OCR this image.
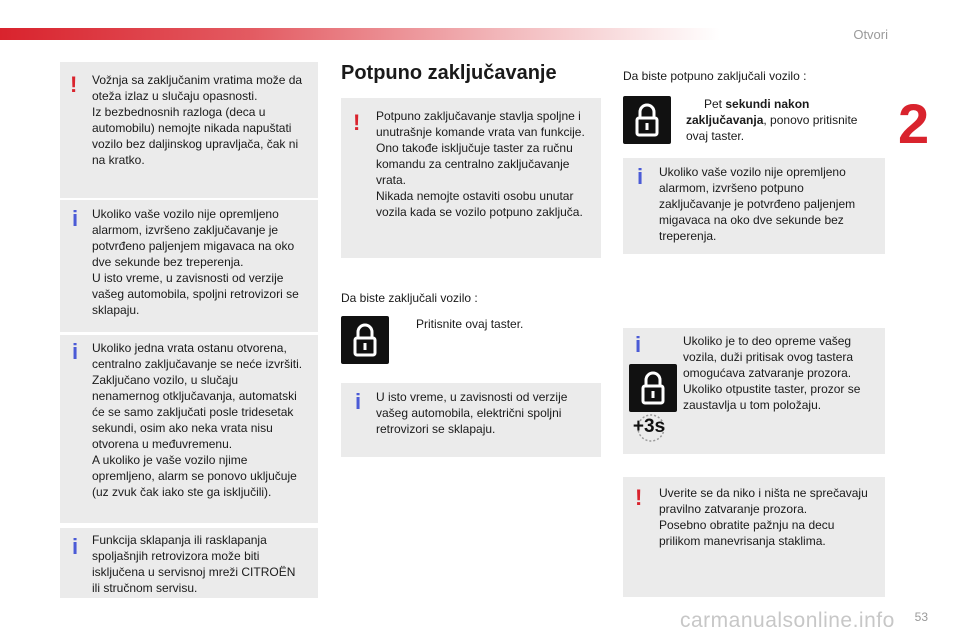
Otvori
2
53
carmanualsonline.info
! Vožnja sa zaključanim vratima može da
otežа izlaz u slučaju opasnosti.
Iz bezbednosnih razloga (deca u
automobilu) nemojte nikada napuštati
vozilo bez daljinskog upravljača, čak ni
na kratko.
i Ukoliko vaše vozilo nije opremljeno
alarmom, izvršeno zaključavanje je
potvrđeno paljenjem migavaca na oko
dve sekunde bez treperenja.
U isto vreme, u zavisnosti od verzije
vašeg automobila, spoljni retrovizori se
sklapaju.
i Ukoliko jedna vrata ostanu otvorena,
centralno zaključavanje se neće izvršiti.
Zaključano vozilo, u slučaju
nenamernog otključavanja, automatski
će se samo zaključati posle tridesetak
sekundi, osim ako neka vrata nisu
otvorena u međuvremenu.
A ukoliko je vaše vozilo njime
opremljeno, alarm se ponovo uključuje
(uz zvuk čak iako ste ga isključili).
i Funkcija sklapanja ili rasklapanja
spoljašnjih retrovizora može biti
isključena u servisnoj mreži CITROËN
ili stručnom servisu.
Potpuno zaključavanje
! Potpuno zaključavanje stavlja spoljne i
unutrašnje komande vrata van funkcije.
Ono takođe isključuje taster za ručnu
komandu za centralno zaključavanje
vrata.
Nikada nemojte ostaviti osobu unutar
vozila kada se vozilo potpuno zaključa.
Da biste zaključali vozilo :
Pritisnite ovaj taster.
i U isto vreme, u zavisnosti od verzije
vašeg automobila, električni spoljni
retrovizori se sklapaju.
Da biste potpuno zaključali vozilo :
Pet sekundi nakon
zaključavanja, ponovo pritisnite
ovaj taster.
i Ukoliko vaše vozilo nije opremljeno
alarmom, izvršeno potpuno
zaključavanje je potvrđeno paljenjem
migavaca na oko dve sekunde bez
treperenja.
i
+3s
Ukoliko je to deo opreme vašeg
vozila, duži pritisak ovog tastera
omogućava zatvaranje prozora.
Ukoliko otpustite taster, prozor se
zaustavlja u tom položaju.
! Uverite se da niko i ništa ne sprečavaju
pravilno zatvaranje prozora.
Posebno obratite pažnju na decu
prilikom manevrisanja staklima.
